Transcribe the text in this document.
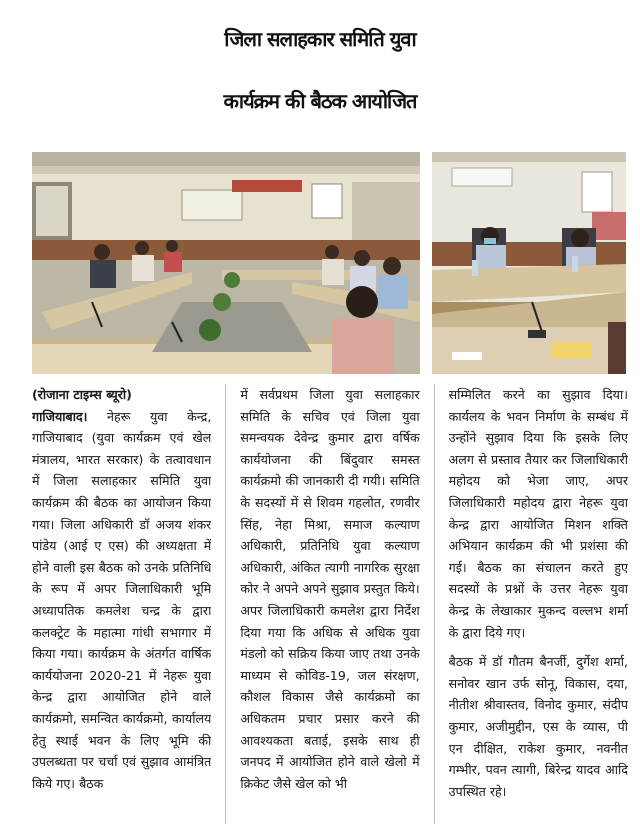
जिला सलाहकार समिति युवा
कार्यक्रम की बैठक आयोजित
(रोजाना टाइम्स ब्यूरो)

गाजियाबाद। नेहरू युवा केन्द्र, गाजियाबाद (युवा कार्यक्रम एवं खेल मंत्रालय, भारत सरकार) के तत्वावधान में जिला सलाहकार समिति युवा कार्यक्रम की बैठक का आयोजन किया गया। जिला अधिकारी डॉ अजय शंकर पांडेय (आई ए एस) की अध्यक्षता में होने वाली इस बैठक को उनके प्रतिनिधि के रूप में अपर जिलाधिकारी भूमि अध्यापतिक कमलेश चन्द्र के द्वारा कलक्ट्रेट के महात्मा गांधी सभागार में किया गया। कार्यक्रम के अंतर्गत वार्षिक कार्ययोजना 2020-21 में नेहरू युवा केन्द्र द्वारा आयोजित होने वाले कार्यक्रमो, समन्वित कार्यक्रमो, कार्यालय हेतु स्थाई भवन के लिए भूमि की उपलब्धता पर चर्चा एवं सुझाव आमंत्रित किये गए। बैठक

में सर्वप्रथम जिला युवा सलाहकार समिति के सचिव एवं जिला युवा समन्वयक देवेन्द्र कुमार द्वारा वर्षिक कार्ययोजना की बिंदुवार समस्त कार्यक्रमो की जानकारी दी गयी। समिति के सदस्यों में से शिवम गहलोत, रणवीर सिंह, नेहा मिश्रा, समाज कल्याण अधिकारी, प्रतिनिधि युवा कल्याण अधिकारी, अंकित त्यागी नागरिक सुरक्षा कोर ने अपने अपने सुझाव प्रस्तुत किये। अपर जिलाधिकारी कमलेश द्वारा निर्देश दिया गया कि अधिक से अधिक युवा मंडलो को सक्रिय किया जाए तथा उनके माध्यम से कोविड-19, जल संरक्षण, कौशल विकास जैसे कार्यक्रमो का अधिकतम प्रचार प्रसार करने की आवश्यकता बताई, इसके साथ ही जनपद में आयोजित होने वाले खेलो में क्रिकेट जैसे खेल को भी

सम्मिलित करने का सुझाव दिया। कार्यलय के भवन निर्माण के सम्बंध में उन्होंने सुझाव दिया कि इसके लिए अलग से प्रस्ताव तैयार कर जिलाधिकारी महोदय को भेजा जाए, अपर जिलाधिकारी महोदय द्वारा नेहरू युवा केन्द्र द्वारा आयोजित मिशन शक्ति अभियान कार्यक्रम की भी प्रशंसा की गई। बैठक का संचालन करते हुए सदस्यों के प्रश्नों के उत्तर नेहरू युवा केन्द्र के लेखाकार मुकन्द वल्लभ शर्मा के द्वारा दिये गए।

बैठक में डॉ गौतम बैनर्जी, दुर्गेश शर्मा, सनोवर खान उर्फ सोनू, विकास, दया, नीतीश श्रीवास्तव, विनोद कुमार, संदीप कुमार, अजीमुद्दीन, एस के व्यास, पी एन दीक्षित, राकेश कुमार, नवनीत गम्भीर, पवन त्यागी, बिरेन्द्र यादव आदि उपस्थित रहे।
